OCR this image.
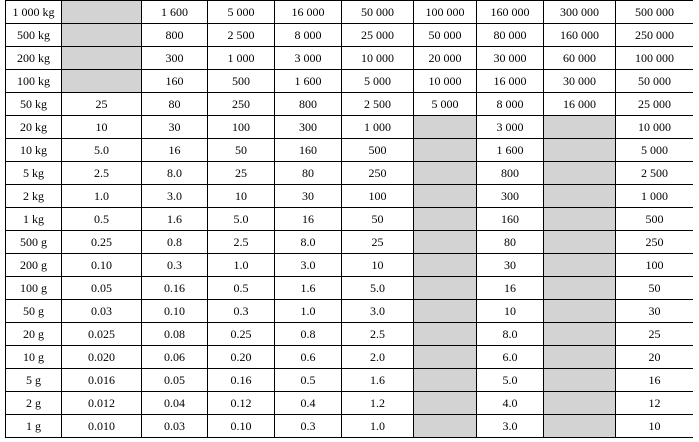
1 000 kg		1 600	5 000	16 000	50 000	100 000	160 000	300 000	500 000
500 kg		800	2 500	8 000	25 000	50 000	80 000	160 000	250 000
200 kg		300	1 000	3 000	10 000	20 000	30 000	60 000	100 000
100 kg		160	500	1 600	5 000	10 000	16 000	30 000	50 000
50 kg	25	80	250	800	2 500	5 000	8 000	16 000	25 000
20 kg	10	30	100	300	1 000		3 000		10 000
10 kg	5.0	16	50	160	500		1 600		5 000
5 kg	2.5	8.0	25	80	250		800		2 500
2 kg	1.0	3.0	10	30	100		300		1 000
1 kg	0.5	1.6	5.0	16	50		160		500
500 g	0.25	0.8	2.5	8.0	25		80		250
200 g	0.10	0.3	1.0	3.0	10		30		100
100 g	0.05	0.16	0.5	1.6	5.0		16		50
50 g	0.03	0.10	0.3	1.0	3.0		10		30
20 g	0.025	0.08	0.25	0.8	2.5		8.0		25
10 g	0.020	0.06	0.20	0.6	2.0		6.0		20
5 g	0.016	0.05	0.16	0.5	1.6		5.0		16
2 g	0.012	0.04	0.12	0.4	1.2		4.0		12
1 g	0.010	0.03	0.10	0.3	1.0		3.0		10
